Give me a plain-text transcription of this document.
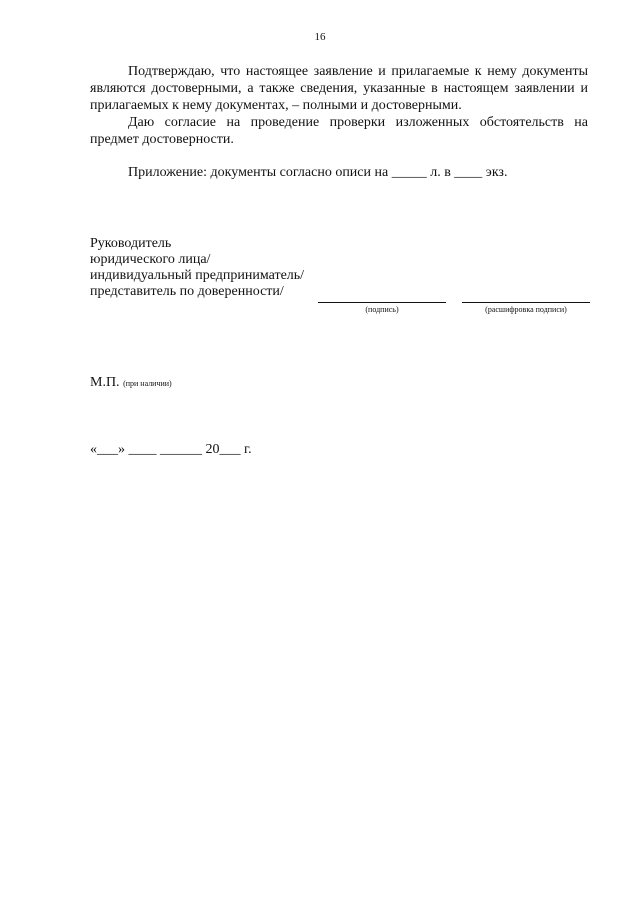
16

Подтверждаю, что настоящее заявление и прилагаемые к нему документы являются достоверными, а также сведения, указанные в настоящем заявлении и прилагаемых к нему документах, – полными и достоверными.

Даю согласие на проведение проверки изложенных обстоятельств на предмет достоверности.

Приложение: документы согласно описи на _____ л. в ____ экз.

Руководитель
юридического лица/
индивидуальный предприниматель/
представитель по доверенности/
(подпись)	(расшифровка подписи)
М.П. (при наличии)
«___» ____ ______ 20___ г.
